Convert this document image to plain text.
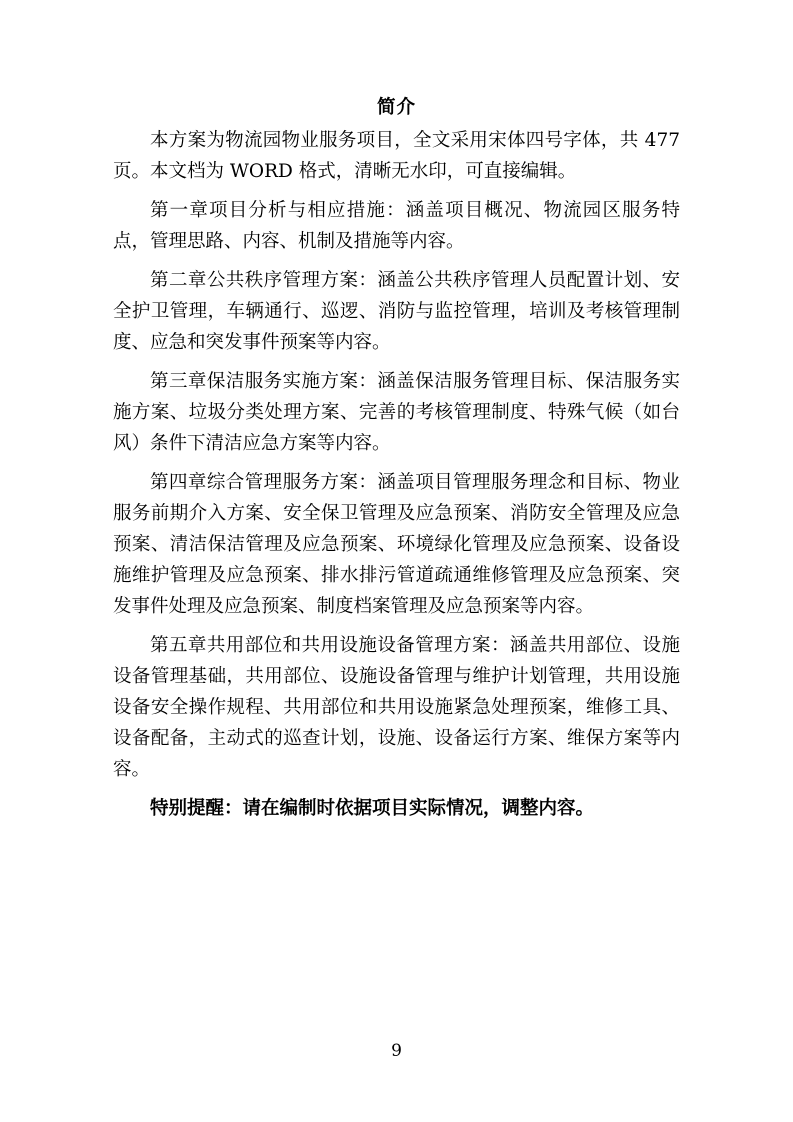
简介

本方案为物流园物业服务项目，全文采用宋体四号字体，共 477 页。本文档为 WORD 格式，清晰无水印，可直接编辑。

第一章项目分析与相应措施：涵盖项目概况、物流园区服务特点，管理思路、内容、机制及措施等内容。

第二章公共秩序管理方案：涵盖公共秩序管理人员配置计划、安全护卫管理，车辆通行、巡逻、消防与监控管理，培训及考核管理制度、应急和突发事件预案等内容。

第三章保洁服务实施方案：涵盖保洁服务管理目标、保洁服务实施方案、垃圾分类处理方案、完善的考核管理制度、特殊气候（如台风）条件下清洁应急方案等内容。

第四章综合管理服务方案：涵盖项目管理服务理念和目标、物业服务前期介入方案、安全保卫管理及应急预案、消防安全管理及应急预案、清洁保洁管理及应急预案、环境绿化管理及应急预案、设备设施维护管理及应急预案、排水排污管道疏通维修管理及应急预案、突发事件处理及应急预案、制度档案管理及应急预案等内容。

第五章共用部位和共用设施设备管理方案：涵盖共用部位、设施设备管理基础，共用部位、设施设备管理与维护计划管理，共用设施设备安全操作规程、共用部位和共用设施紧急处理预案，维修工具、设备配备，主动式的巡查计划，设施、设备运行方案、维保方案等内容。

特别提醒：请在编制时依据项目实际情况，调整内容。

9
